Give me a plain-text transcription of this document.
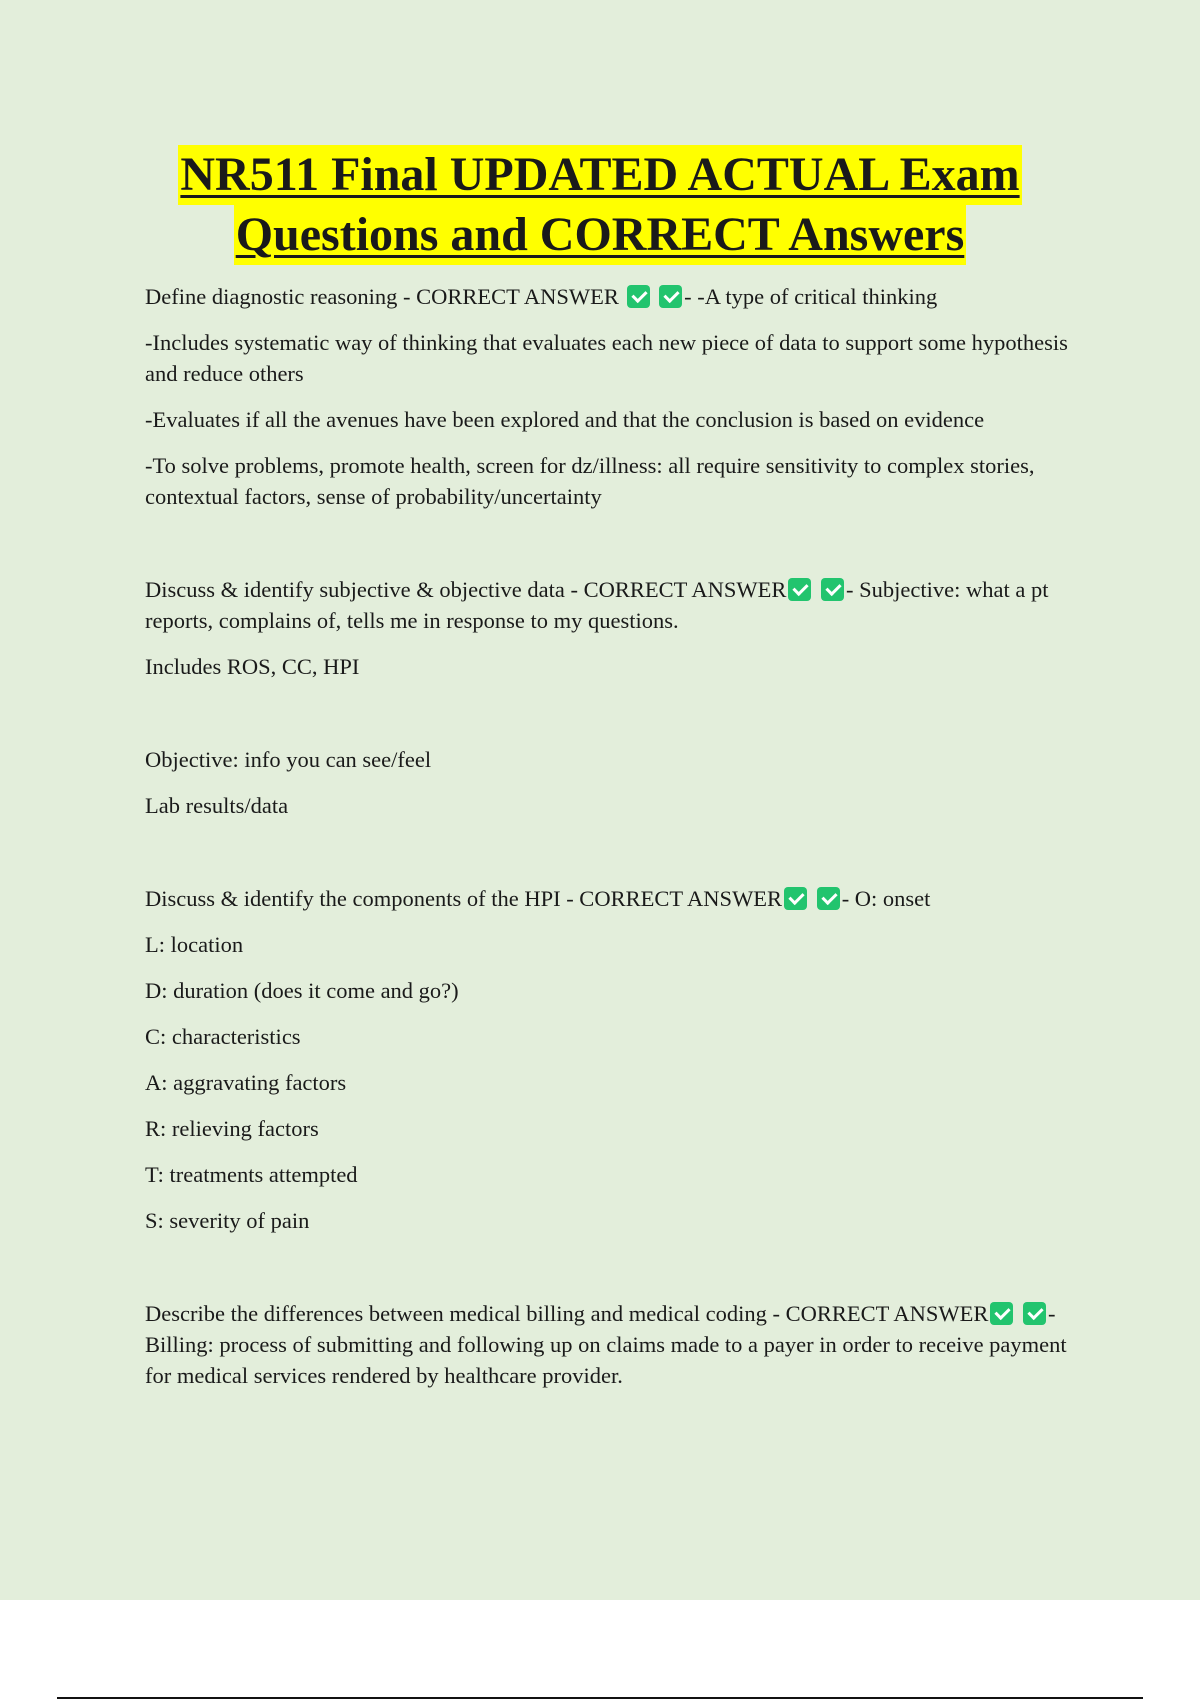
NR511 Final UPDATED ACTUAL Exam
Questions and CORRECT Answers

Define diagnostic reasoning - CORRECT ANSWER	- -A type of critical thinking

-Includes systematic way of thinking that evaluates each new piece of data to support some hypothesis and reduce others

-Evaluates if all the avenues have been explored and that the conclusion is based on evidence

-To solve problems, promote health, screen for dz/illness: all require sensitivity to complex stories, contextual factors, sense of probability/uncertainty

Discuss & identify subjective & objective data - CORRECT ANSWER	- Subjective: what a pt reports, complains of, tells me in response to my questions.

Includes ROS, CC, HPI

Objective: info you can see/feel

Lab results/data

Discuss & identify the components of the HPI - CORRECT ANSWER	- O: onset

L: location

D: duration (does it come and go?)

C: characteristics

A: aggravating factors

R: relieving factors

T: treatments attempted

S: severity of pain

Describe the differences between medical billing and medical coding - CORRECT ANSWER	- Billing: process of submitting and following up on claims made to a payer in order to receive payment for medical services rendered by healthcare provider.
